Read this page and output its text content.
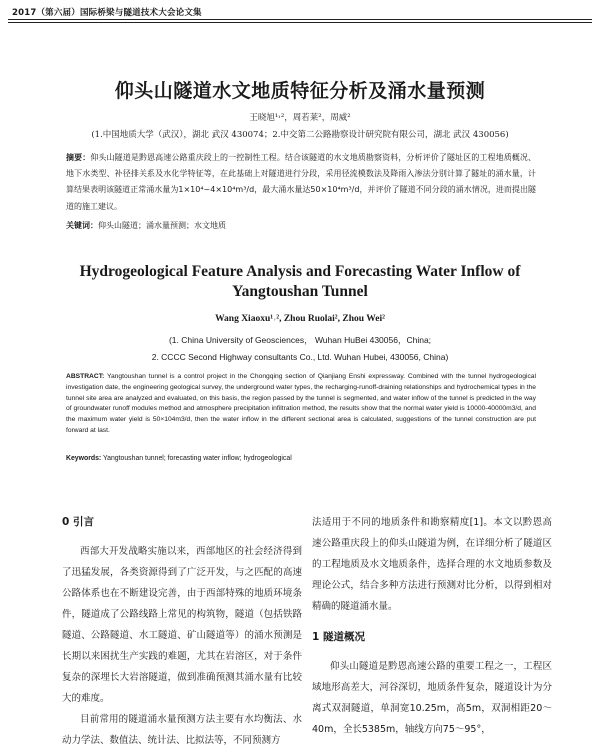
2017（第六届）国际桥梁与隧道技术大会论文集
仰头山隧道水文地质特征分析及涌水量预测
王晓旭¹˒²，周若莱²，周威²
(1.中国地质大学（武汉），湖北 武汉 430074；2.中交第二公路勘察设计研究院有限公司，湖北 武汉 430056)

摘要：仰头山隧道是黔恩高速公路重庆段上的一控制性工程。结合该隧道的水文地质勘察资料，分析评价了隧址区的工程地质概况、地下水类型、补径排关系及水化学特征等，在此基础上对隧道进行分段，采用径流模数法及降雨入渗法分别计算了隧址的涌水量，计算结果表明该隧道正常涌水量为1×10⁴~4×10⁴m³/d，最大涌水量达50×10⁴m³/d，并评价了隧道不同分段的涌水情况，进而提出隧道的施工建议。

关键词：仰头山隧道；涌水量预测；水文地质

Hydrogeological Feature Analysis and Forecasting Water Inflow of
Yangtoushan Tunnel
Wang Xiaoxu¹˒², Zhou Ruolai², Zhou Wei²
(1. China University of Geosciences， Wuhan HuBei 430056，China;
2. CCCC Second Highway consultants Co., Ltd. Wuhan Hubei, 430056, China)

ABSTRACT: Yangtoushan tunnel is a control project in the Chongqing section of Qianjiang Enshi expressway. Combined with the tunnel hydrogeological investigation date, the engineering geological survey, the underground water types, the recharging-runoff-draining relationships and hydrochemical types in the tunnel site area are analyzed and evaluated, on this basis, the region passed by the tunnel is segmented, and water inflow of the tunnel is predicted in the way of groundwater runoff modules method and atmosphere precipitation infiltration method, the results show that the normal water yield is 10000-40000m3/d, and the maximum water yield is 50×104m3/d, then the water inflow in the different sectional area is calculated, suggestions of the tunnel construction are put forward at last.

Keywords: Yangtoushan tunnel; forecasting water inflow; hydrogeological

0 引言

西部大开发战略实施以来，西部地区的社会经济得到了迅猛发展，各类资源得到了广泛开发，与之匹配的高速公路体系也在不断建设完善，由于西部特殊的地质环境条件，隧道成了公路线路上常见的构筑物，隧道（包括铁路隧道、公路隧道、水工隧道、矿山隧道等）的涌水预测是长期以来困扰生产实践的难题，尤其在岩溶区，对于条件复杂的深埋长大岩溶隧道，做到准确预测其涌水量有比较大的难度。

目前常用的隧道涌水量预测方法主要有水均衡法、水动力学法、数值法、统计法、比拟法等，不同预测方

法适用于不同的地质条件和勘察精度[1]。本文以黔恩高速公路重庆段上的仰头山隧道为例，在详细分析了隧道区的工程地质及水文地质条件，选择合理的水文地质参数及理论公式，结合多种方法进行预测对比分析，以得到相对精确的隧道涌水量。

1 隧道概况

仰头山隧道是黔恩高速公路的重要工程之一，工程区域地形高差大，河谷深切，地质条件复杂，隧道设计为分离式双洞隧道，单洞宽10.25m，高5m，双洞相距20～40m，全长5385m，轴线方向75～95°，
